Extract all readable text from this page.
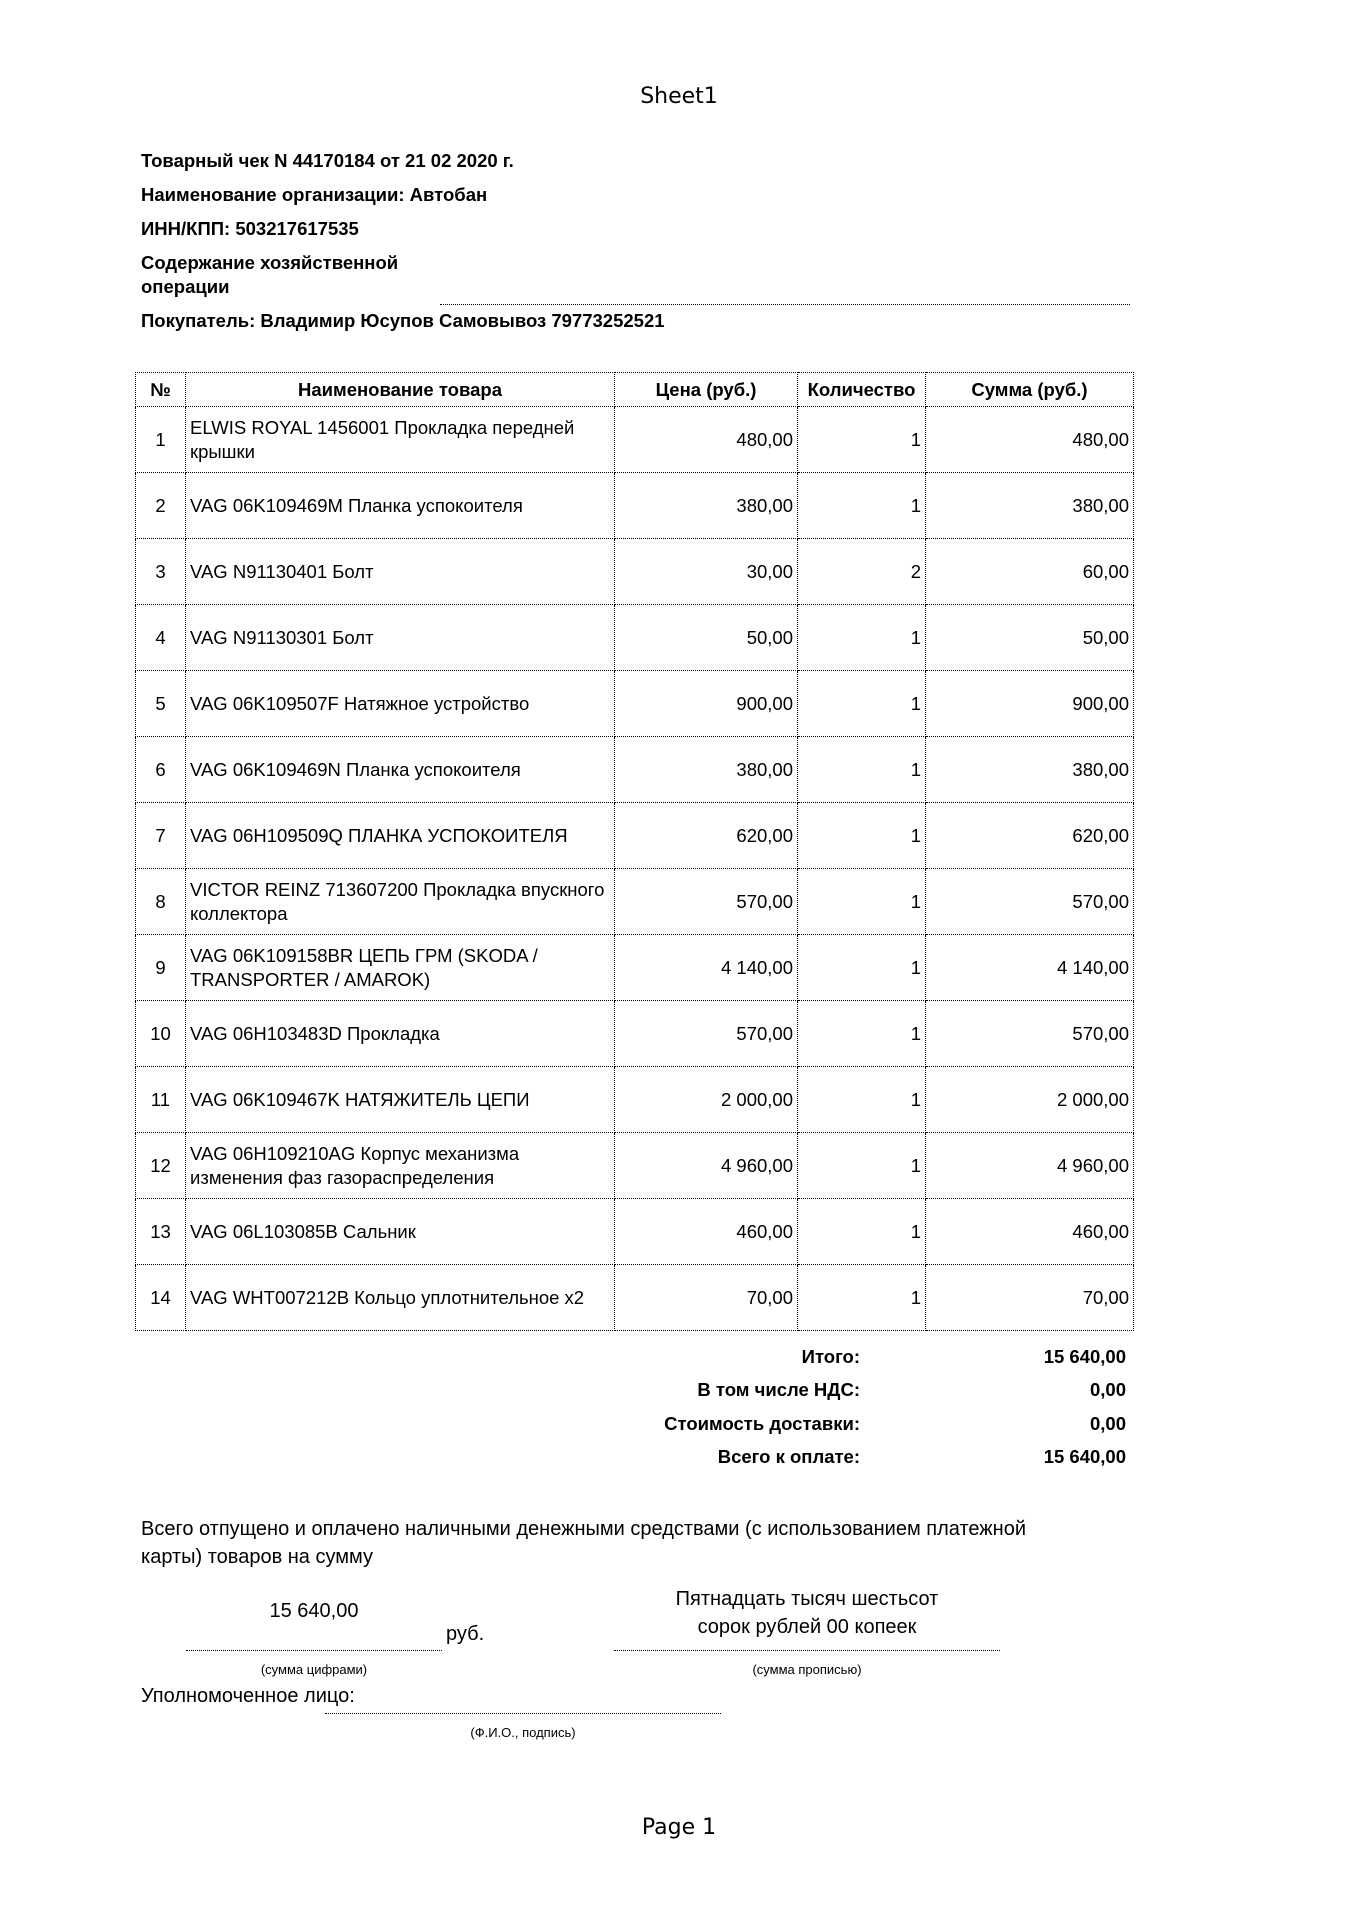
Sheet1
Товарный чек N 44170184 от 21 02 2020 г.
Наименование организации: Автобан
ИНН/КПП: 503217617535
Содержание хозяйственной
операции
Покупатель: Владимир Юсупов Самовывоз 79773252521
№	Наименование товара	Цена (руб.)	Количество	Сумма (руб.)
1	ELWIS ROYAL 1456001 Прокладка передней крышки	480,00	1	480,00
2	VAG 06K109469M Планка успокоителя	380,00	1	380,00
3	VAG N91130401 Болт	30,00	2	60,00
4	VAG N91130301 Болт	50,00	1	50,00
5	VAG 06K109507F Натяжное устройство	900,00	1	900,00
6	VAG 06K109469N Планка успокоителя	380,00	1	380,00
7	VAG 06H109509Q ПЛАНКА УСПОКОИТЕЛЯ	620,00	1	620,00
8	VICTOR REINZ 713607200 Прокладка впускного коллектора	570,00	1	570,00
9	VAG 06K109158BR ЦЕПЬ ГРМ (SKODA / TRANSPORTER / AMAROK)	4 140,00	1	4 140,00
10	VAG 06H103483D Прокладка	570,00	1	570,00
11	VAG 06K109467K НАТЯЖИТЕЛЬ ЦЕПИ	2 000,00	1	2 000,00
12	VAG 06H109210AG Корпус механизма изменения фаз газораспределения	4 960,00	1	4 960,00
13	VAG 06L103085B Сальник	460,00	1	460,00
14	VAG WHT007212B Кольцо уплотнительное x2	70,00	1	70,00
Итого:	15 640,00
В том числе НДС:	0,00
Стоимость доставки:	0,00
Всего к оплате:	15 640,00
Всего отпущено и оплачено наличными денежными средствами (с использованием платежной карты) товаров на сумму
15 640,00
руб.
(сумма цифрами)
Пятнадцать тысяч шестьсот
сорок рублей 00 копеек
(сумма прописью)
Уполномоченное лицо:
(Ф.И.О., подпись)
Page 1
